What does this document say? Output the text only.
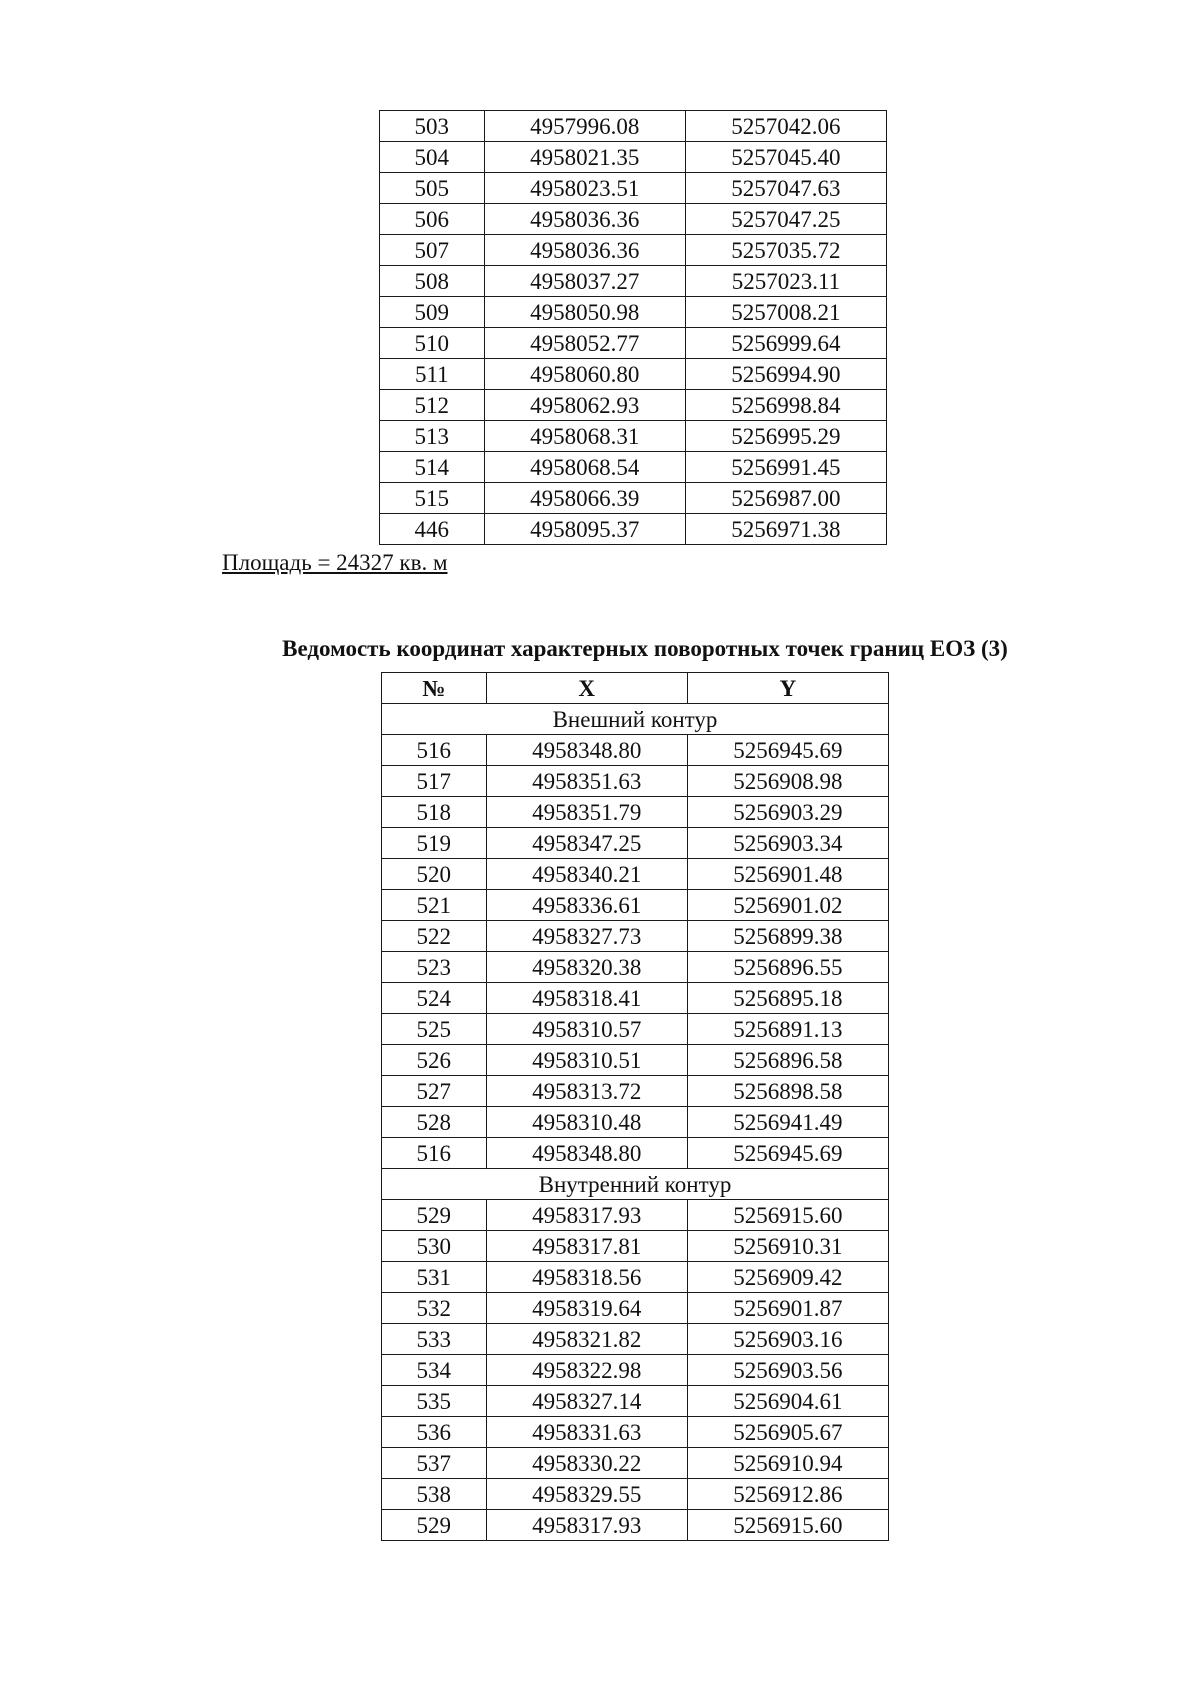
503	4957996.08	5257042.06
504	4958021.35	5257045.40
505	4958023.51	5257047.63
506	4958036.36	5257047.25
507	4958036.36	5257035.72
508	4958037.27	5257023.11
509	4958050.98	5257008.21
510	4958052.77	5256999.64
511	4958060.80	5256994.90
512	4958062.93	5256998.84
513	4958068.31	5256995.29
514	4958068.54	5256991.45
515	4958066.39	5256987.00
446	4958095.37	5256971.38
Площадь = 24327 кв. м
Ведомость координат характерных поворотных точек границ ЕОЗ (3)
№	X	Y
Внешний контур		
516	4958348.80	5256945.69
517	4958351.63	5256908.98
518	4958351.79	5256903.29
519	4958347.25	5256903.34
520	4958340.21	5256901.48
521	4958336.61	5256901.02
522	4958327.73	5256899.38
523	4958320.38	5256896.55
524	4958318.41	5256895.18
525	4958310.57	5256891.13
526	4958310.51	5256896.58
527	4958313.72	5256898.58
528	4958310.48	5256941.49
516	4958348.80	5256945.69
Внутренний контур		
529	4958317.93	5256915.60
530	4958317.81	5256910.31
531	4958318.56	5256909.42
532	4958319.64	5256901.87
533	4958321.82	5256903.16
534	4958322.98	5256903.56
535	4958327.14	5256904.61
536	4958331.63	5256905.67
537	4958330.22	5256910.94
538	4958329.55	5256912.86
529	4958317.93	5256915.60
